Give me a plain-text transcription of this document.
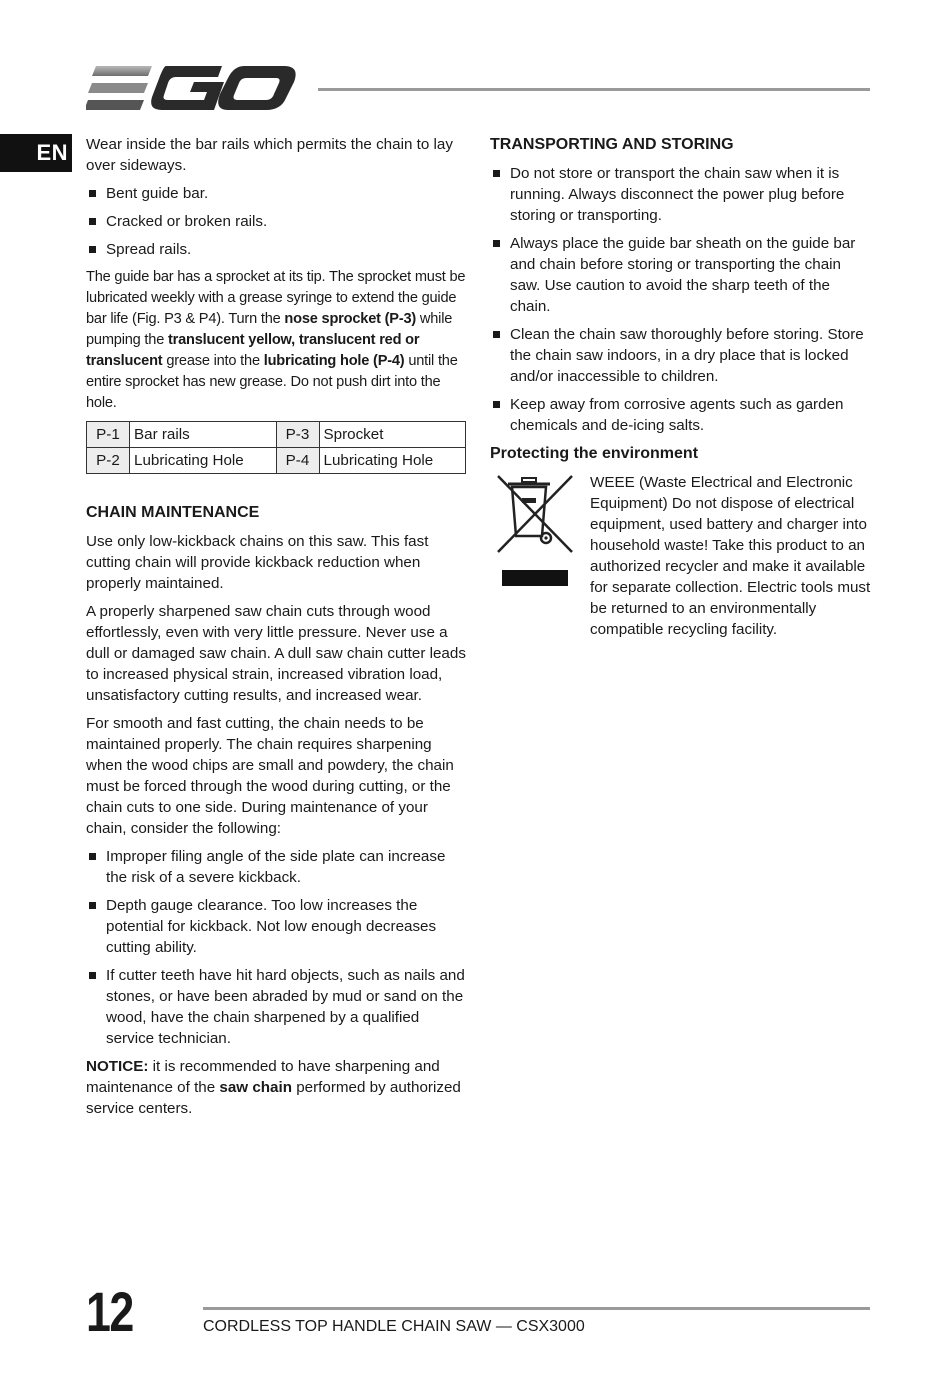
EN Wear inside the bar rails which permits the chain to lay over sideways.

Bent guide bar.
Cracked or broken rails.
Spread rails.

The guide bar has a sprocket at its tip. The sprocket must be lubricated weekly with a grease syringe to extend the guide bar life (Fig. P3 & P4). Turn the nose sprocket (P-3) while pumping the translucent yellow, translucent red or translucent grease into the lubricating hole (P-4) until the entire sprocket has new grease. Do not push dirt into the hole.

P-1	Bar rails	P-3	Sprocket
P-2	Lubricating Hole	P-4	Lubricating Hole
CHAIN MAINTENANCE

Use only low-kickback chains on this saw. This fast cutting chain will provide kickback reduction when properly maintained.

A properly sharpened saw chain cuts through wood effortlessly, even with very little pressure. Never use a dull or damaged saw chain. A dull saw chain cutter leads to increased physical strain, increased vibration load, unsatisfactory cutting results, and increased wear.

For smooth and fast cutting, the chain needs to be maintained properly. The chain requires sharpening when the wood chips are small and powdery, the chain must be forced through the wood during cutting, or the chain cuts to one side. During maintenance of your chain, consider the following:

Improper filing angle of the side plate can increase the risk of a severe kickback.
Depth gauge clearance. Too low increases the potential for kickback. Not low enough decreases cutting ability.
If cutter teeth have hit hard objects, such as nails and stones, or have been abraded by mud or sand on the wood, have the chain sharpened by a qualified service technician.

NOTICE: it is recommended to have sharpening and maintenance of the saw chain performed by authorized service centers.

TRANSPORTING AND STORING
Do not store or transport the chain saw when it is running. Always disconnect the power plug before storing or transporting.
Always place the guide bar sheath on the guide bar and chain before storing or transporting the chain saw. Use caution to avoid the sharp teeth of the chain.
Clean the chain saw thoroughly before storing. Store the chain saw indoors, in a dry place that is locked and/or inaccessible to children.
Keep away from corrosive agents such as garden chemicals and de-icing salts.
Protecting the environment

WEEE (Waste Electrical and Electronic Equipment) Do not dispose of electrical equipment, used battery and charger into household waste! Take this product to an authorized recycler and make it available for separate collection. Electric tools must be returned to an environmentally compatible recycling facility.

12	CORDLESS TOP HANDLE CHAIN SAW — CSX3000
